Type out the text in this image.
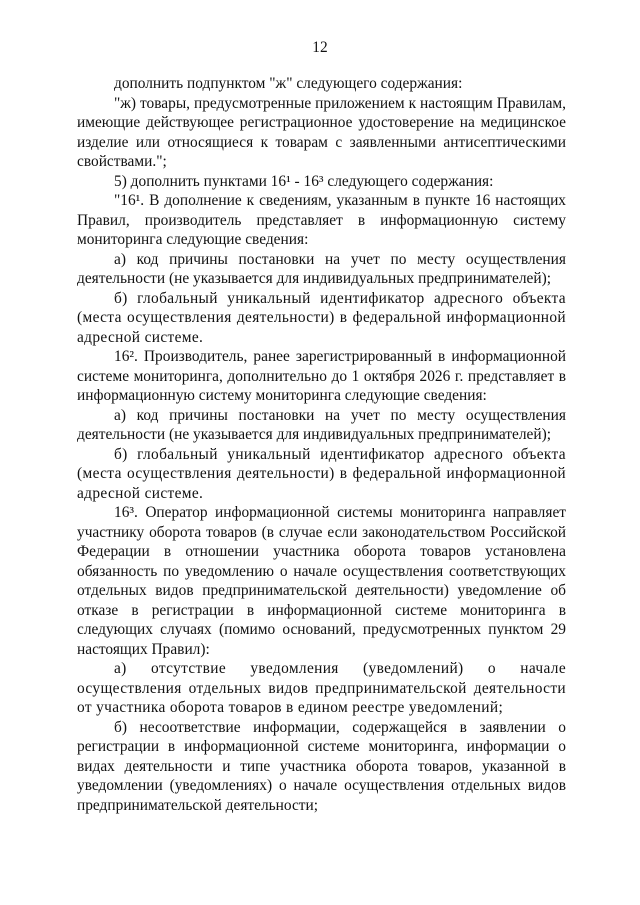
12

дополнить подпунктом "ж" следующего содержания:

"ж) товары, предусмотренные приложением к настоящим Правилам, имеющие действующее регистрационное удостоверение на медицинское изделие или относящиеся к товарам с заявленными антисептическими свойствами.";

5) дополнить пунктами 16¹ - 16³ следующего содержания:

"16¹. В дополнение к сведениям, указанным в пункте 16 настоящих Правил, производитель представляет в информационную систему мониторинга следующие сведения:

а) код причины постановки на учет по месту осуществления деятельности (не указывается для индивидуальных предпринимателей);

б) глобальный уникальный идентификатор адресного объекта (места осуществления деятельности) в федеральной информационной адресной системе.

16². Производитель, ранее зарегистрированный в информационной системе мониторинга, дополнительно до 1 октября 2026 г. представляет в информационную систему мониторинга следующие сведения:

а) код причины постановки на учет по месту осуществления деятельности (не указывается для индивидуальных предпринимателей);

б) глобальный уникальный идентификатор адресного объекта (места осуществления деятельности) в федеральной информационной адресной системе.

16³. Оператор информационной системы мониторинга направляет участнику оборота товаров (в случае если законодательством Российской Федерации в отношении участника оборота товаров установлена обязанность по уведомлению о начале осуществления соответствующих отдельных видов предпринимательской деятельности) уведомление об отказе в регистрации в информационной системе мониторинга в следующих случаях (помимо оснований, предусмотренных пунктом 29 настоящих Правил):

а) отсутствие уведомления (уведомлений) о начале осуществления отдельных видов предпринимательской деятельности от участника оборота товаров в едином реестре уведомлений;

б) несоответствие информации, содержащейся в заявлении о регистрации в информационной системе мониторинга, информации о видах деятельности и типе участника оборота товаров, указанной в уведомлении (уведомлениях) о начале осуществления отдельных видов предпринимательской деятельности;
